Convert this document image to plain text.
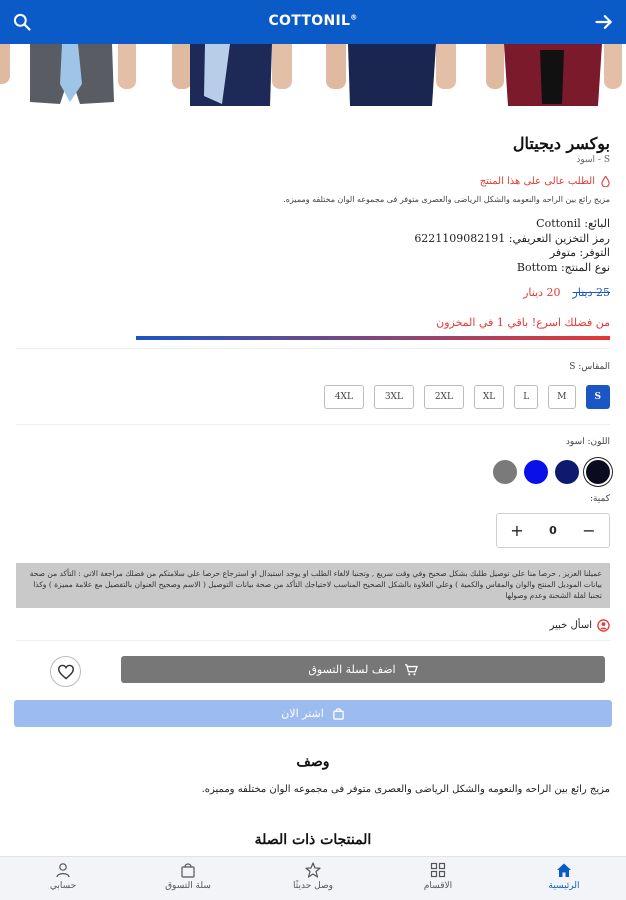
COTTONIL®
بوكسر ديجيتال
S - اسود
الطلب عالى على هذا المنتج
مزيج رائع بين الراحه والنعومه والشكل الرياضى والعصرى متوفر فى مجموعه الوان مختلفه ومميزه.
البائع: Cottonil
رمز التخزين التعريفي: 6221109082191
التوفر: متوفر
نوع المنتج: Bottom
25 دينار
20 دينار
من فضلك اسرع! باقي 1 في المخزون
المقاس: S
S
M
L
XL
2XL
3XL
4XL
اللون: اسود
كمية:
+ 0 −
عميلنا العزيز , حرصا منا علي توصيل طلبك بشكل صحيح وفي وقت سريع , وتجنبا لالغاء الطلب او يوجد استبدال او استرجاع حرصا علي سلامتكم من فضلك مراجعة الاتي : التأكد من صحة بيانات الموديل المنتج والوان والمقاس والكمية ) وعلي العلاوة بالشكل الصحيح المناسب لاحتياجك التأكد من صحة بيانات التوصيل ( الاسم وصحيح العنوان بالتفصيل مع علامة مميزة ) وكذا تجنبا لقلة الشحنة وعدم وصولها
اسأل خبير
اضف لسلة التسوق
اشتر الان
وصف
مزيج رائع بين الراحه والنعومه والشكل الرياضى والعصرى متوفر فى مجموعه الوان مختلفه ومميزه.
المنتجات ذات الصلة
الرئيسية
الاقسام
وصل حديثًا
سلة التسوق
حسابي
